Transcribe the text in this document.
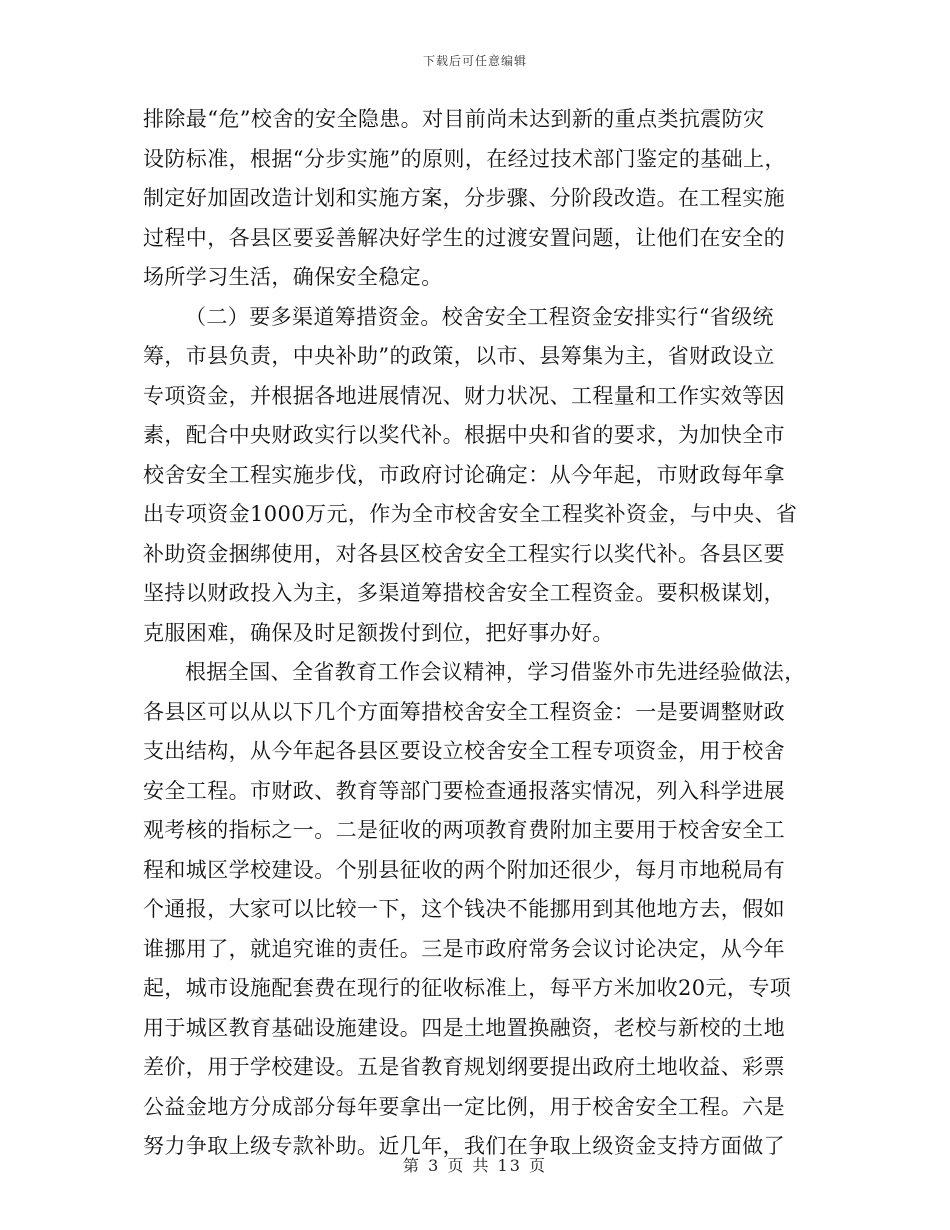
下载后可任意编辑
排除最“危”校舍的安全隐患。对目前尚未达到新的重点类抗震防灾
设防标准，根据“分步实施”的原则，在经过技术部门鉴定的基础上，
制定好加固改造计划和实施方案，分步骤、分阶段改造。在工程实施
过程中，各县区要妥善解决好学生的过渡安置问题，让他们在安全的
场所学习生活，确保安全稳定。
（二）要多渠道筹措资金。校舍安全工程资金安排实行“省级统
筹，市县负责，中央补助”的政策，以市、县筹集为主，省财政设立
专项资金，并根据各地进展情况、财力状况、工程量和工作实效等因
素，配合中央财政实行以奖代补。根据中央和省的要求，为加快全市
校舍安全工程实施步伐，市政府讨论确定：从今年起，市财政每年拿
出专项资金1000万元，作为全市校舍安全工程奖补资金，与中央、省
补助资金捆绑使用，对各县区校舍安全工程实行以奖代补。各县区要
坚持以财政投入为主，多渠道筹措校舍安全工程资金。要积极谋划，
克服困难，确保及时足额拨付到位，把好事办好。
根据全国、全省教育工作会议精神，学习借鉴外市先进经验做法，
各县区可以从以下几个方面筹措校舍安全工程资金：一是要调整财政
支出结构，从今年起各县区要设立校舍安全工程专项资金，用于校舍
安全工程。市财政、教育等部门要检查通报落实情况，列入科学进展
观考核的指标之一。二是征收的两项教育费附加主要用于校舍安全工
程和城区学校建设。个别县征收的两个附加还很少，每月市地税局有
个通报，大家可以比较一下，这个钱决不能挪用到其他地方去，假如
谁挪用了，就追究谁的责任。三是市政府常务会议讨论决定，从今年
起，城市设施配套费在现行的征收标准上，每平方米加收20元，专项
用于城区教育基础设施建设。四是土地置换融资，老校与新校的土地
差价，用于学校建设。五是省教育规划纲要提出政府土地收益、彩票
公益金地方分成部分每年要拿出一定比例，用于校舍安全工程。六是
努力争取上级专款补助。近几年，我们在争取上级资金支持方面做了
第 3 页 共 13 页
